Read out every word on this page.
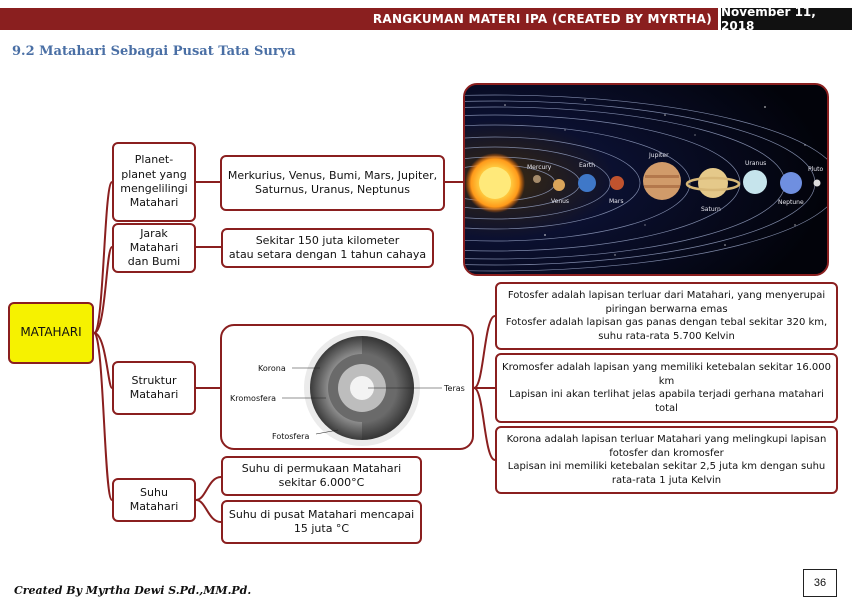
RANGKUMAN MATERI IPA (CREATED BY MYRTHA) November 11, 2018
9.2 Matahari Sebagai Pusat Tata Surya
MATAHARI
Planet-planet yang mengelilingi Matahari
Merkurius, Venus, Bumi, Mars, Jupiter, Saturnus, Uranus, Neptunus
Jarak Matahari dan Bumi
Sekitar 150 juta kilometer
atau setara dengan 1 tahun cahaya
Struktur Matahari
Fotosfer adalah lapisan terluar dari Matahari, yang menyerupai piringan berwarna emas
Fotosfer adalah lapisan gas panas dengan tebal sekitar 320 km, suhu rata-rata 5.700 Kelvin
Kromosfer adalah lapisan yang memiliki ketebalan sekitar 16.000 km
Lapisan ini akan terlihat jelas apabila terjadi gerhana matahari total
Korona adalah lapisan terluar Matahari yang melingkupi lapisan fotosfer dan kromosfer
Lapisan ini memiliki ketebalan sekitar 2,5 juta km dengan suhu rata-rata 1 juta Kelvin
Suhu Matahari
Suhu di permukaan Matahari sekitar 6.000°C
Suhu di pusat Matahari mencapai 15 juta °C
Mercury
Venus
Earth
Mars
Jupiter
Saturn
Uranus
Neptune
Pluto
Korona
Kromosfera
Fotosfera
Teras
Created By Myrtha Dewi S.Pd.,MM.Pd.
36
